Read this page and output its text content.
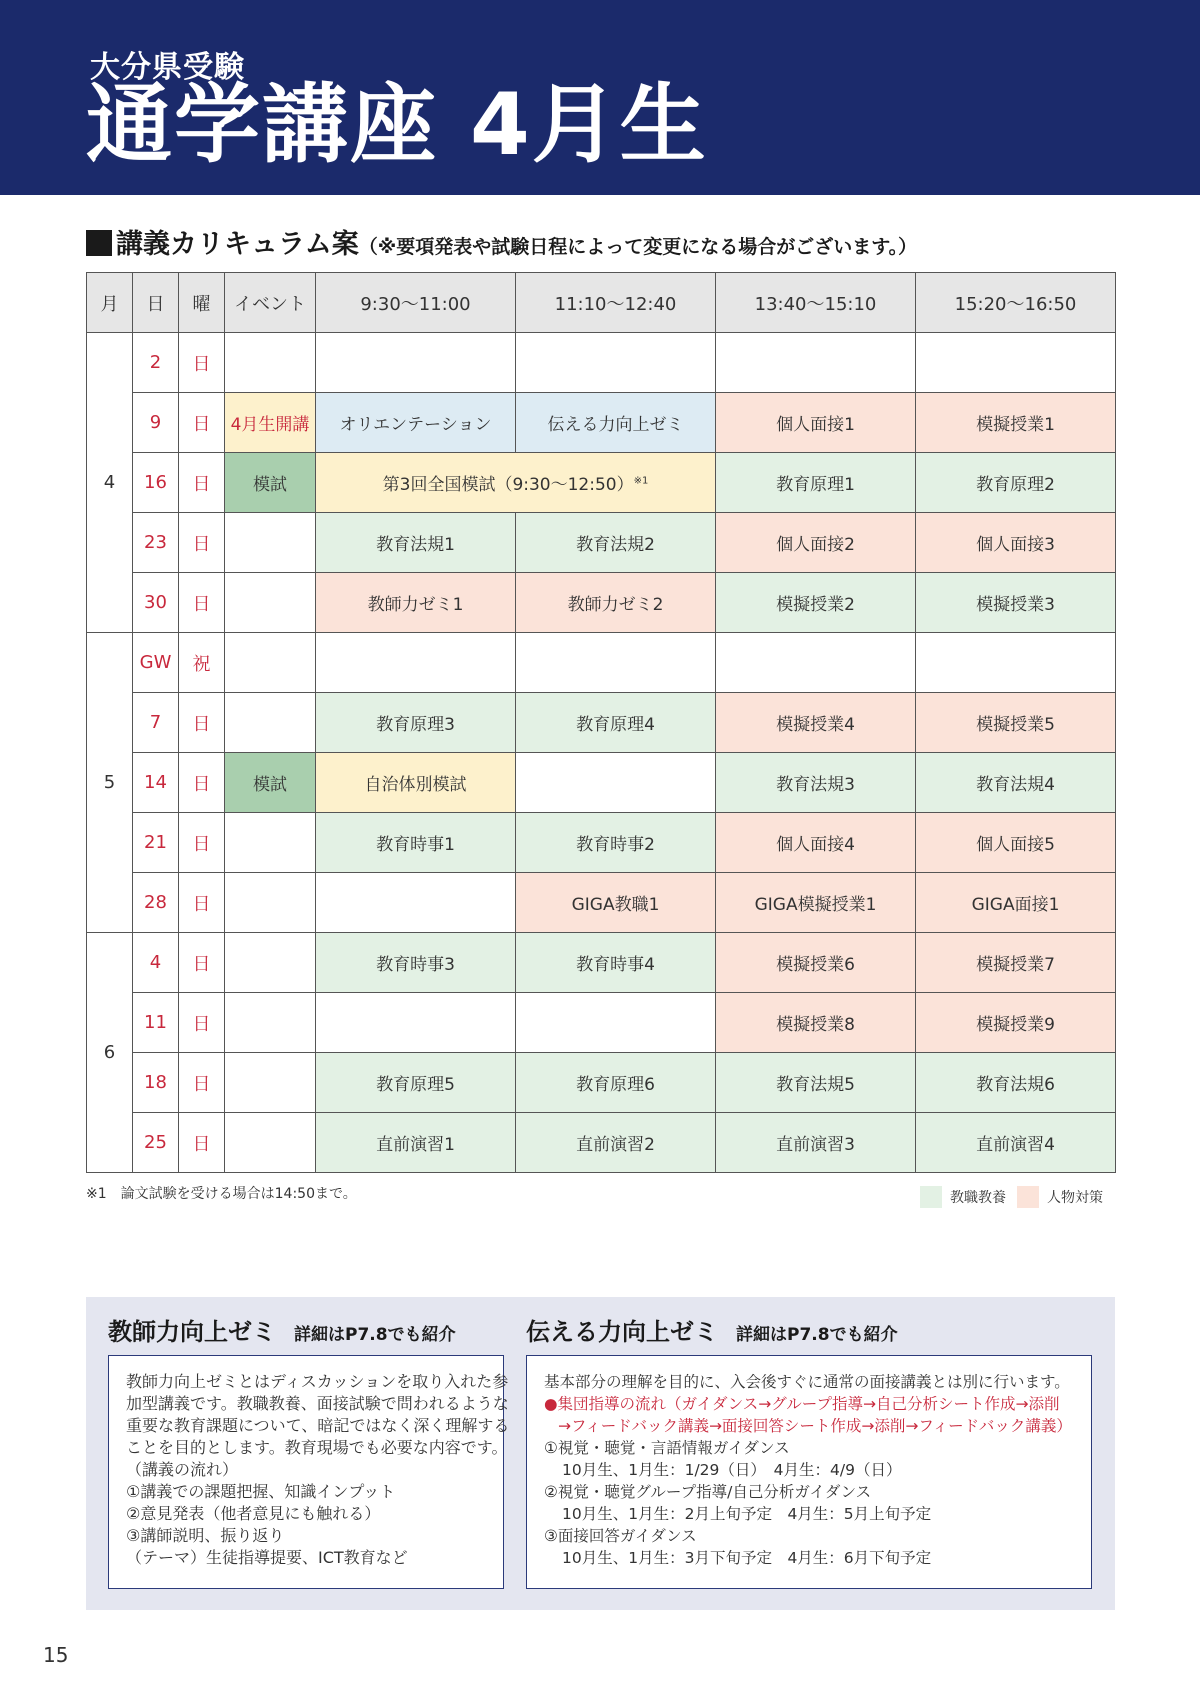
大分県受験
通学講座 4月生
講義カリキュラム案（※要項発表や試験日程によって変更になる場合がございます。）
月	日	曜	イベント	9:30〜11:00	11:10〜12:40	13:40〜15:10	15:20〜16:50
4	2	日					
	9	日	4月生開講	オリエンテーション	伝える力向上ゼミ	個人面接1	模擬授業1
	16	日	模試	第3回全国模試（9:30〜12:50）$^{※1}$		教育原理1	教育原理2
	23	日		教育法規1	教育法規2	個人面接2	個人面接3
	30	日		教師力ゼミ1	教師力ゼミ2	模擬授業2	模擬授業3
5	GW	祝					
	7	日		教育原理3	教育原理4	模擬授業4	模擬授業5
	14	日	模試	自治体別模試		教育法規3	教育法規4
	21	日		教育時事1	教育時事2	個人面接4	個人面接5
	28	日			GIGA教職1	GIGA模擬授業1	GIGA面接1
6	4	日		教育時事3	教育時事4	模擬授業6	模擬授業7
	11	日				模擬授業8	模擬授業9
	18	日		教育原理5	教育原理6	教育法規5	教育法規6
	25	日		直前演習1	直前演習2	直前演習3	直前演習4
※1　論文試験を受ける場合は14:50まで。	教職教養	人物対策
教師力向上ゼミ 詳細はP7.8でも紹介	伝える力向上ゼミ 詳細はP7.8でも紹介

教師力向上ゼミとはディスカッションを取り入れた参

加型講義です。教職教養、面接試験で問われるような

重要な教育課題について、暗記ではなく深く理解する

ことを目的とします。教育現場でも必要な内容です。

（講義の流れ）

①講義での課題把握、知識インプット

②意見発表（他者意見にも触れる）

③講師説明、振り返り

（テーマ）生徒指導提要、ICT教育など

基本部分の理解を目的に、入会後すぐに通常の面接講義とは別に行います。

●集団指導の流れ（ガイダンス→グループ指導→自己分析シート作成→添削

→フィードバック講義→面接回答シート作成→添削→フィードバック講義）

①視覚・聴覚・言語情報ガイダンス

10月生、1月生：1/29（日）　4月生：4/9（日）

②視覚・聴覚グループ指導/自己分析ガイダンス

10月生、1月生：2月上旬予定　4月生：5月上旬予定

③面接回答ガイダンス

10月生、1月生：3月下旬予定　4月生：6月下旬予定

15
